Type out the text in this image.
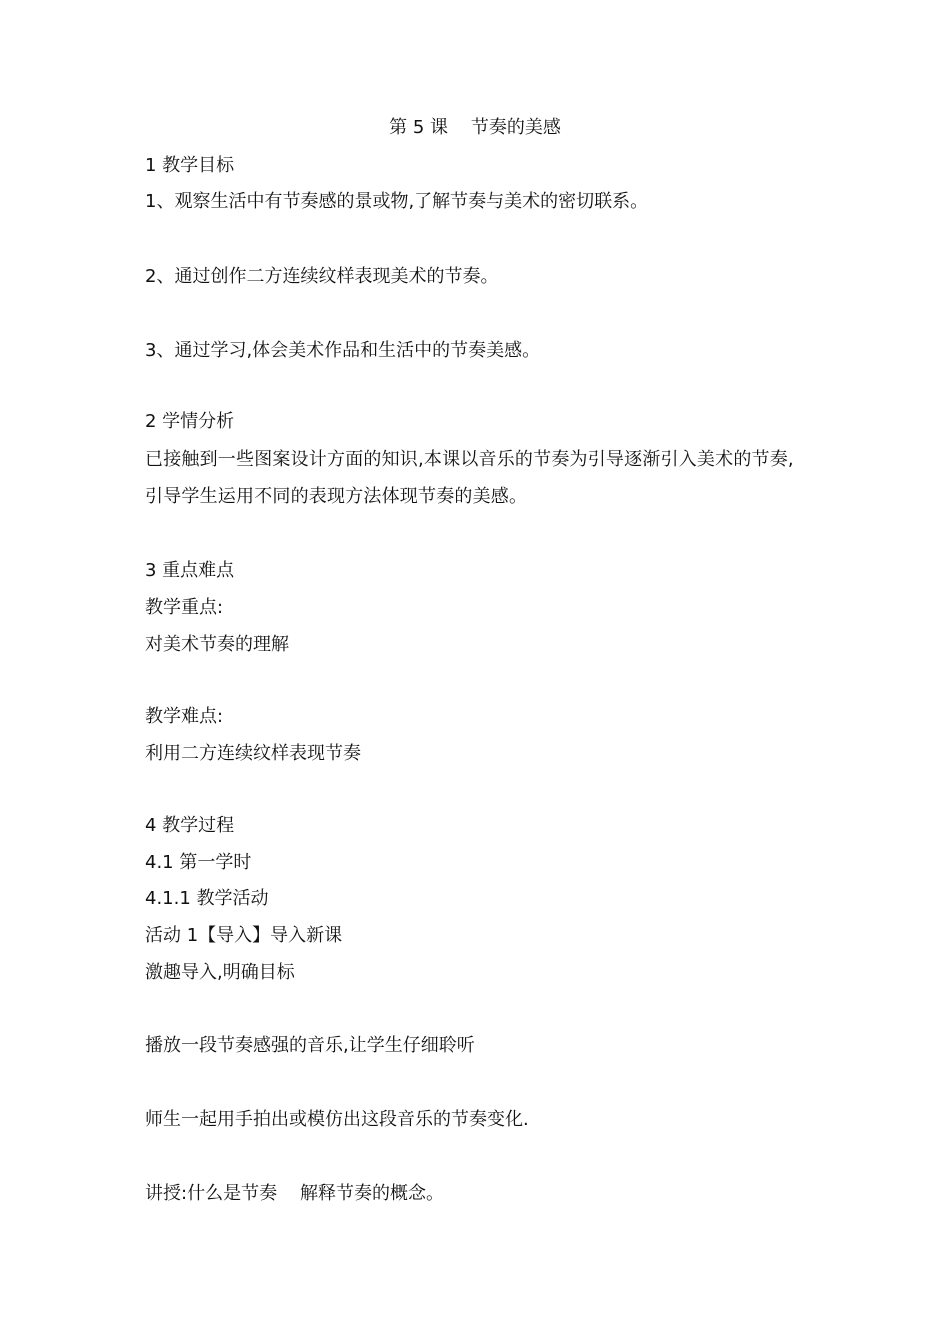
第 5 课    节奏的美感
1 教学目标
1、观察生活中有节奏感的景或物,了解节奏与美术的密切联系。
2、通过创作二方连续纹样表现美术的节奏。
3、通过学习,体会美术作品和生活中的节奏美感。
2 学情分析
已接触到一些图案设计方面的知识,本课以音乐的节奏为引导逐渐引入美术的节奏,引导学生运用不同的表现方法体现节奏的美感。
3 重点难点
教学重点:
对美术节奏的理解
教学难点:
利用二方连续纹样表现节奏
4 教学过程
4.1 第一学时
4.1.1 教学活动
活动 1【导入】导入新课
激趣导入,明确目标
播放一段节奏感强的音乐,让学生仔细聆听
师生一起用手拍出或模仿出这段音乐的节奏变化.
讲授:什么是节奏    解释节奏的概念。
